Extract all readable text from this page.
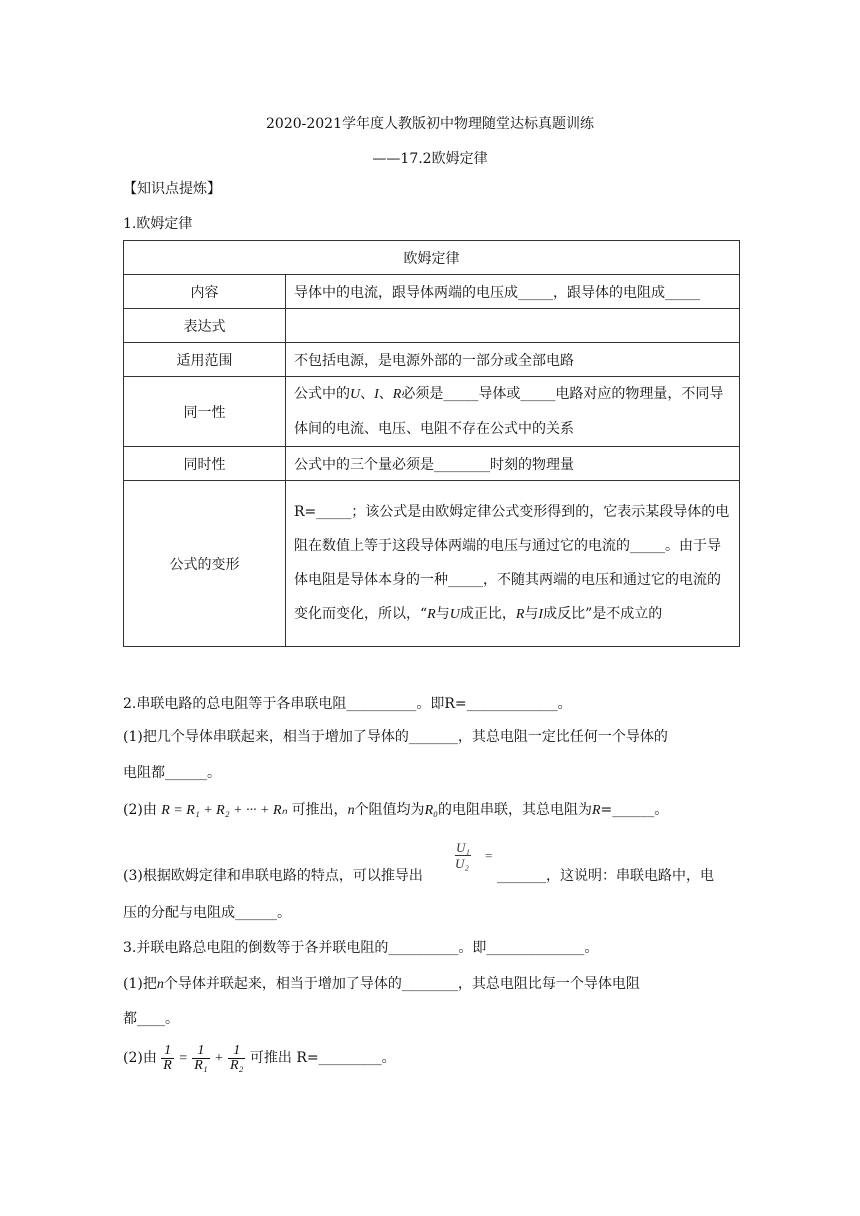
2020-2021学年度人教版初中物理随堂达标真题训练
——17.2欧姆定律
【知识点提炼】
1.欧姆定律
欧姆定律	
内容	导体中的电流，跟导体两端的电压成_____，跟导体的电阻成_____
表达式	
适用范围	不包括电源，是电源外部的一部分或全部电路
同一性	公式中的U、I、R必须是_____导体或_____电路对应的物理量，不同导体间的电流、电压、电阻不存在公式中的关系
同时性	公式中的三个量必须是________时刻的物理量
公式的变形	R=_____；该公式是由欧姆定律公式变形得到的，它表示某段导体的电阻在数值上等于这段导体两端的电压与通过它的电流的_____。由于导体电阻是导体本身的一种_____，不随其两端的电压和通过它的电流的变化而变化，所以，“R与U成正比，R与I成反比”是不成立的
2.串联电路的总电阻等于各串联电阻__________。即R=_____________。
(1)把几个导体串联起来，相当于增加了导体的_______，其总电阻一定比任何一个导体的
电阻都______。
(2)由 R = R₁ + R₂ + ··· + Rₙ 可推出，n个阻值均为R₀的电阻串联，其总电阻为R=______。
U₁
U₂
=
(3)根据欧姆定律和串联电路的特点，可以推导出	_______，这说明：串联电路中，电
压的分配与电阻成______。
3.并联电路总电阻的倒数等于各并联电阻的__________。即______________。
(1)把n个导体并联起来，相当于增加了导体的________，其总电阻比每一个导体电阻
都____。
(2)由 $\frac{1}{R} = \frac{1}{\text{R₁}} + \frac{1}{\text{R₂}}$ 可推出 R=_________。
